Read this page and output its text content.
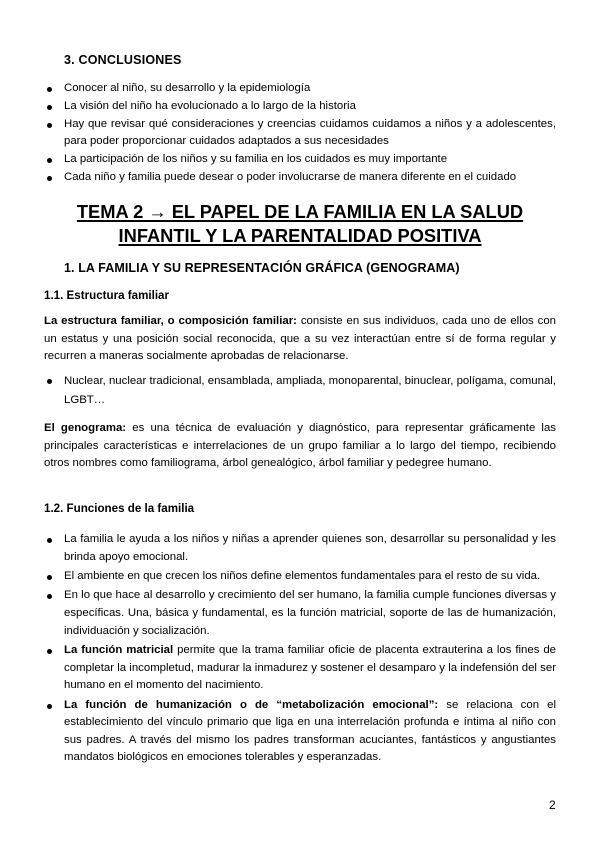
3. CONCLUSIONES
Conocer al niño, su desarrollo y la epidemiología
La visión del niño ha evolucionado a lo largo de la historia
Hay que revisar qué consideraciones y creencias cuidamos cuidamos a niños y a adolescentes, para poder proporcionar cuidados adaptados a sus necesidades
La participación de los niños y su familia en los cuidados es muy importante
Cada niño y familia puede desear o poder involucrarse de manera diferente en el cuidado
TEMA 2 → EL PAPEL DE LA FAMILIA EN LA SALUD
INFANTIL Y LA PARENTALIDAD POSITIVA
1. LA FAMILIA Y SU REPRESENTACIÓN GRÁFICA (GENOGRAMA)
1.1. Estructura familiar
La estructura familiar, o composición familiar: consiste en sus individuos, cada uno de ellos con un estatus y una posición social reconocida, que a su vez interactúan entre sí de forma regular y recurren a maneras socialmente aprobadas de relacionarse.
Nuclear, nuclear tradicional, ensamblada, ampliada, monoparental, binuclear, polígama, comunal, LGBT…
El genograma: es una técnica de evaluación y diagnóstico, para representar gráficamente las principales características e interrelaciones de un grupo familiar a lo largo del tiempo, recibiendo otros nombres como familiograma, árbol genealógico, árbol familiar y pedegree humano.
1.2. Funciones de la familia
La familia le ayuda a los niños y niñas a aprender quienes son, desarrollar su personalidad y les brinda apoyo emocional.
El ambiente en que crecen los niños define elementos fundamentales para el resto de su vida.
En lo que hace al desarrollo y crecimiento del ser humano, la familia cumple funciones diversas y específicas. Una, básica y fundamental, es la función matricial, soporte de las de humanización, individuación y socialización.
La función matricial permite que la trama familiar oficie de placenta extrauterina a los fines de completar la incompletud, madurar la inmadurez y sostener el desamparo y la indefensión del ser humano en el momento del nacimiento.
La función de humanización o de “metabolización emocional”: se relaciona con el establecimiento del vínculo primario que liga en una interrelación profunda e íntima al niño con sus padres. A través del mismo los padres transforman acuciantes, fantásticos y angustiantes mandatos biológicos en emociones tolerables y esperanzadas.
2
